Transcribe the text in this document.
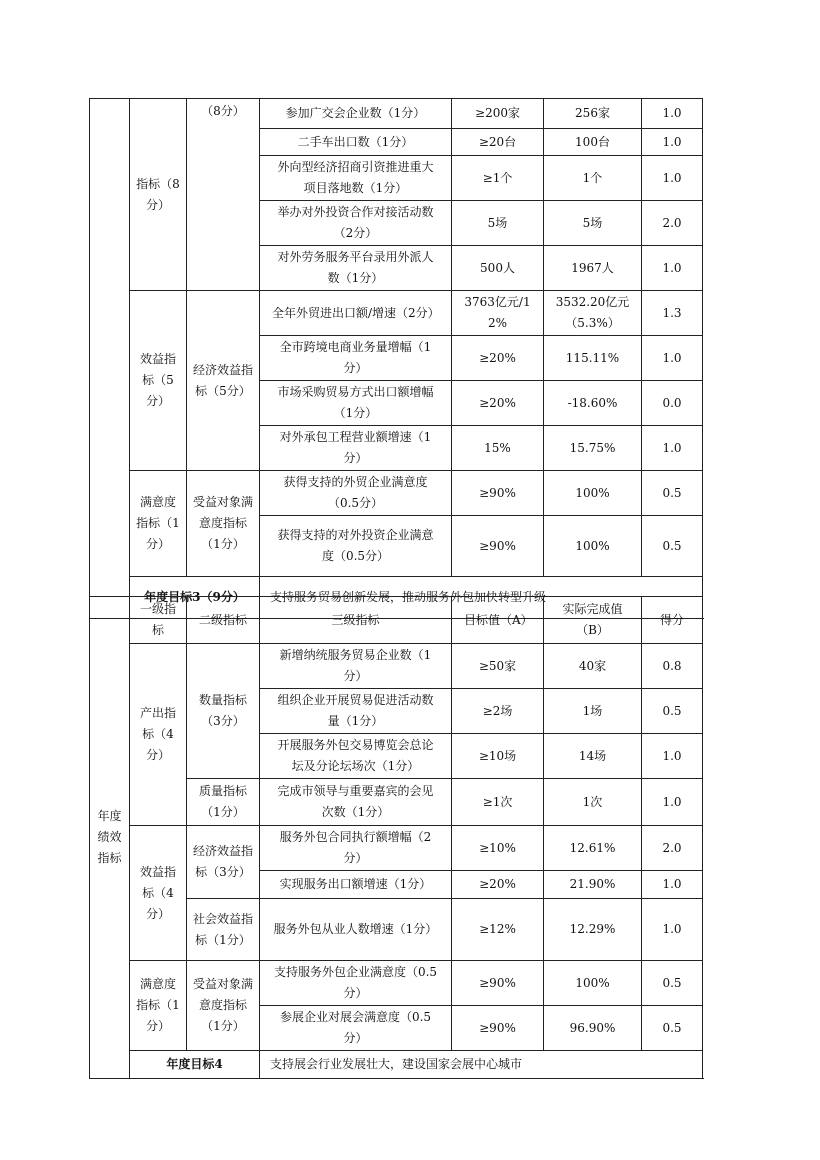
	指标（8分）	（8分）	参加广交会企业数（1分）	≥200家	256家	1.0
			二手车出口数（1分）	≥20台	100台	1.0
			外向型经济招商引资推进重大项目落地数（1分）	≥1个	1个	1.0
			举办对外投资合作对接活动数（2分）	5场	5场	2.0
			对外劳务服务平台录用外派人数（1分）	500人	1967人	1.0
	效益指标（5分）	经济效益指标（5分）	全年外贸进出口额/增速（2分）	3763亿元/12%	3532.20亿元（5.3%）	1.3
			全市跨境电商业务量增幅（1分）	≥20%	115.11%	1.0
			市场采购贸易方式出口额增幅（1分）	≥20%	-18.60%	0.0
			对外承包工程营业额增速（1分）	15%	15.75%	1.0
	满意度指标（1分）	受益对象满意度指标（1分）	获得支持的外贸企业满意度（0.5分）	≥90%	100%	0.5
			获得支持的对外投资企业满意度（0.5分）	≥90%	100%	0.5
	年度目标3（9分）		支持服务贸易创新发展，推动服务外包加快转型升级			
年度绩效指标	一级指标	二级指标	三级指标	目标值（A）	实际完成值（B）	得分
	产出指标（4分）	数量指标（3分）	新增纳统服务贸易企业数（1分）	≥50家	40家	0.8
			组织企业开展贸易促进活动数量（1分）	≥2场	1场	0.5
			开展服务外包交易博览会总论坛及分论坛场次（1分）	≥10场	14场	1.0
		质量指标（1分）	完成市领导与重要嘉宾的会见次数（1分）	≥1次	1次	1.0
	效益指标（4分）	经济效益指标（3分）	服务外包合同执行额增幅（2分）	≥10%	12.61%	2.0
			实现服务出口额增速（1分）	≥20%	21.90%	1.0
		社会效益指标（1分）	服务外包从业人数增速（1分）	≥12%	12.29%	1.0
	满意度指标（1分）	受益对象满意度指标（1分）	支持服务外包企业满意度（0.5分）	≥90%	100%	0.5
			参展企业对展会满意度（0.5分）	≥90%	96.90%	0.5
	年度目标4		支持展会行业发展壮大，建设国家会展中心城市			
